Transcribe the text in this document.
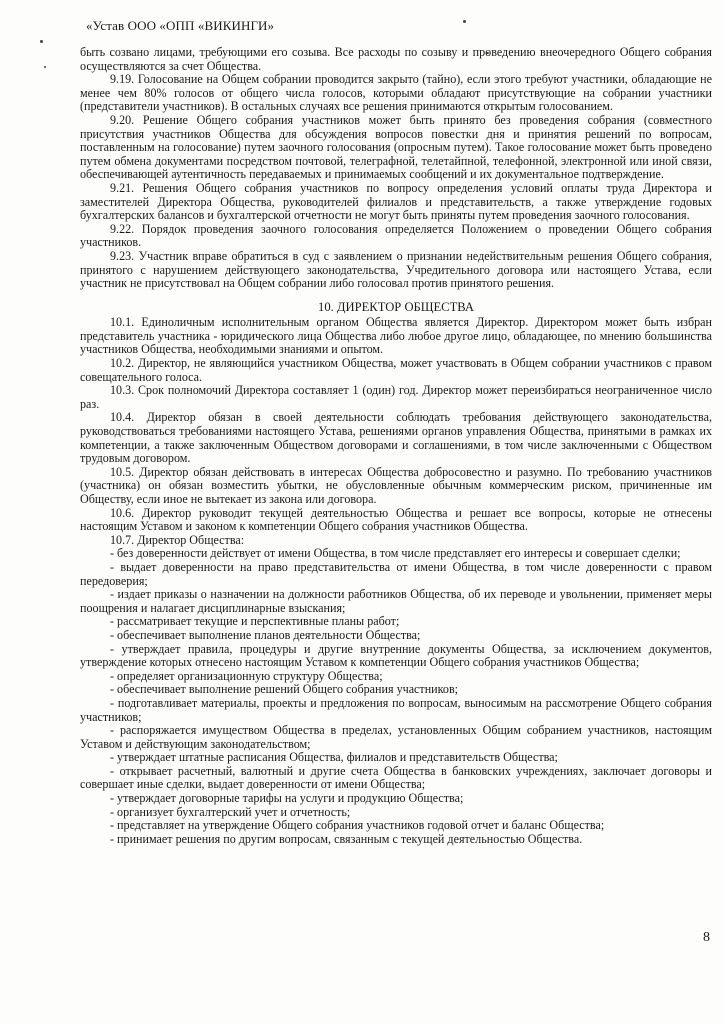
«Устав ООО «ОПП «ВИКИНГИ»

быть созвано лицами, требующими его созыва. Все расходы по созыву и проведению внеочередного Общего собрания осуществляются за счет Общества.

9.19. Голосование на Общем собрании проводится закрыто (тайно), если этого требуют участники, обладающие не менее чем 80% голосов от общего числа голосов, которыми обладают присутствующие на собрании участники (представители участников). В остальных случаях все решения принимаются открытым голосованием.

9.20. Решение Общего собрания участников может быть принято без проведения собрания (совместного присутствия участников Общества для обсуждения вопросов повестки дня и принятия решений по вопросам, поставленным на голосование) путем заочного голосования (опросным путем). Такое голосование может быть проведено путем обмена документами посредством почтовой, телеграфной, телетайпной, телефонной, электронной или иной связи, обеспечивающей аутентичность передаваемых и принимаемых сообщений и их документальное подтверждение.

9.21. Решения Общего собрания участников по вопросу определения условий оплаты труда Директора и заместителей Директора Общества, руководителей филиалов и представительств, а также утверждение годовых бухгалтерских балансов и бухгалтерской отчетности не могут быть приняты путем проведения заочного голосования.

9.22. Порядок проведения заочного голосования определяется Положением о проведении Общего собрания участников.

9.23. Участник вправе обратиться в суд с заявлением о признании недействительным решения Общего собрания, принятого с нарушением действующего законодательства, Учредительного договора или настоящего Устава, если участник не присутствовал на Общем собрании либо голосовал против принятого решения.

10. ДИРЕКТОР ОБЩЕСТВА

10.1. Единоличным исполнительным органом Общества является Директор. Директором может быть избран представитель участника - юридического лица Общества либо любое другое лицо, обладающее, по мнению большинства участников Общества, необходимыми знаниями и опытом.

10.2. Директор, не являющийся участником Общества, может участвовать в Общем собрании участников с правом совещательного голоса.

10.3. Срок полномочий Директора составляет 1 (один) год. Директор может переизбираться неограниченное число раз.

10.4. Директор обязан в своей деятельности соблюдать требования действующего законодательства, руководствоваться требованиями настоящего Устава, решениями органов управления Общества, принятыми в рамках их компетенции, а также заключенным Обществом договорами и соглашениями, в том числе заключенными с Обществом трудовым договором.

10.5. Директор обязан действовать в интересах Общества добросовестно и разумно. По требованию участников (участника) он обязан возместить убытки, не обусловленные обычным коммерческим риском, причиненные им Обществу, если иное не вытекает из закона или договора.

10.6. Директор руководит текущей деятельностью Общества и решает все вопросы, которые не отнесены настоящим Уставом и законом к компетенции Общего собрания участников Общества.

10.7. Директор Общества:

- без доверенности действует от имени Общества, в том числе представляет его интересы и совершает сделки;

- выдает доверенности на право представительства от имени Общества, в том числе доверенности с правом передоверия;

- издает приказы о назначении на должности работников Общества, об их переводе и увольнении, применяет меры поощрения и налагает дисциплинарные взыскания;

- рассматривает текущие и перспективные планы работ;

- обеспечивает выполнение планов деятельности Общества;

- утверждает правила, процедуры и другие внутренние документы Общества, за исключением документов, утверждение которых отнесено настоящим Уставом к компетенции Общего собрания участников Общества;

- определяет организационную структуру Общества;

- обеспечивает выполнение решений Общего собрания участников;

- подготавливает материалы, проекты и предложения по вопросам, выносимым на рассмотрение Общего собрания участников;

- распоряжается имуществом Общества в пределах, установленных Общим собранием участников, настоящим Уставом и действующим законодательством;

- утверждает штатные расписания Общества, филиалов и представительств Общества;

- открывает расчетный, валютный и другие счета Общества в банковских учреждениях, заключает договоры и совершает иные сделки, выдает доверенности от имени Общества;

- утверждает договорные тарифы на услуги и продукцию Общества;

- организует бухгалтерский учет и отчетность;

- представляет на утверждение Общего собрания участников годовой отчет и баланс Общества;

- принимает решения по другим вопросам, связанным с текущей деятельностью Общества.

8
